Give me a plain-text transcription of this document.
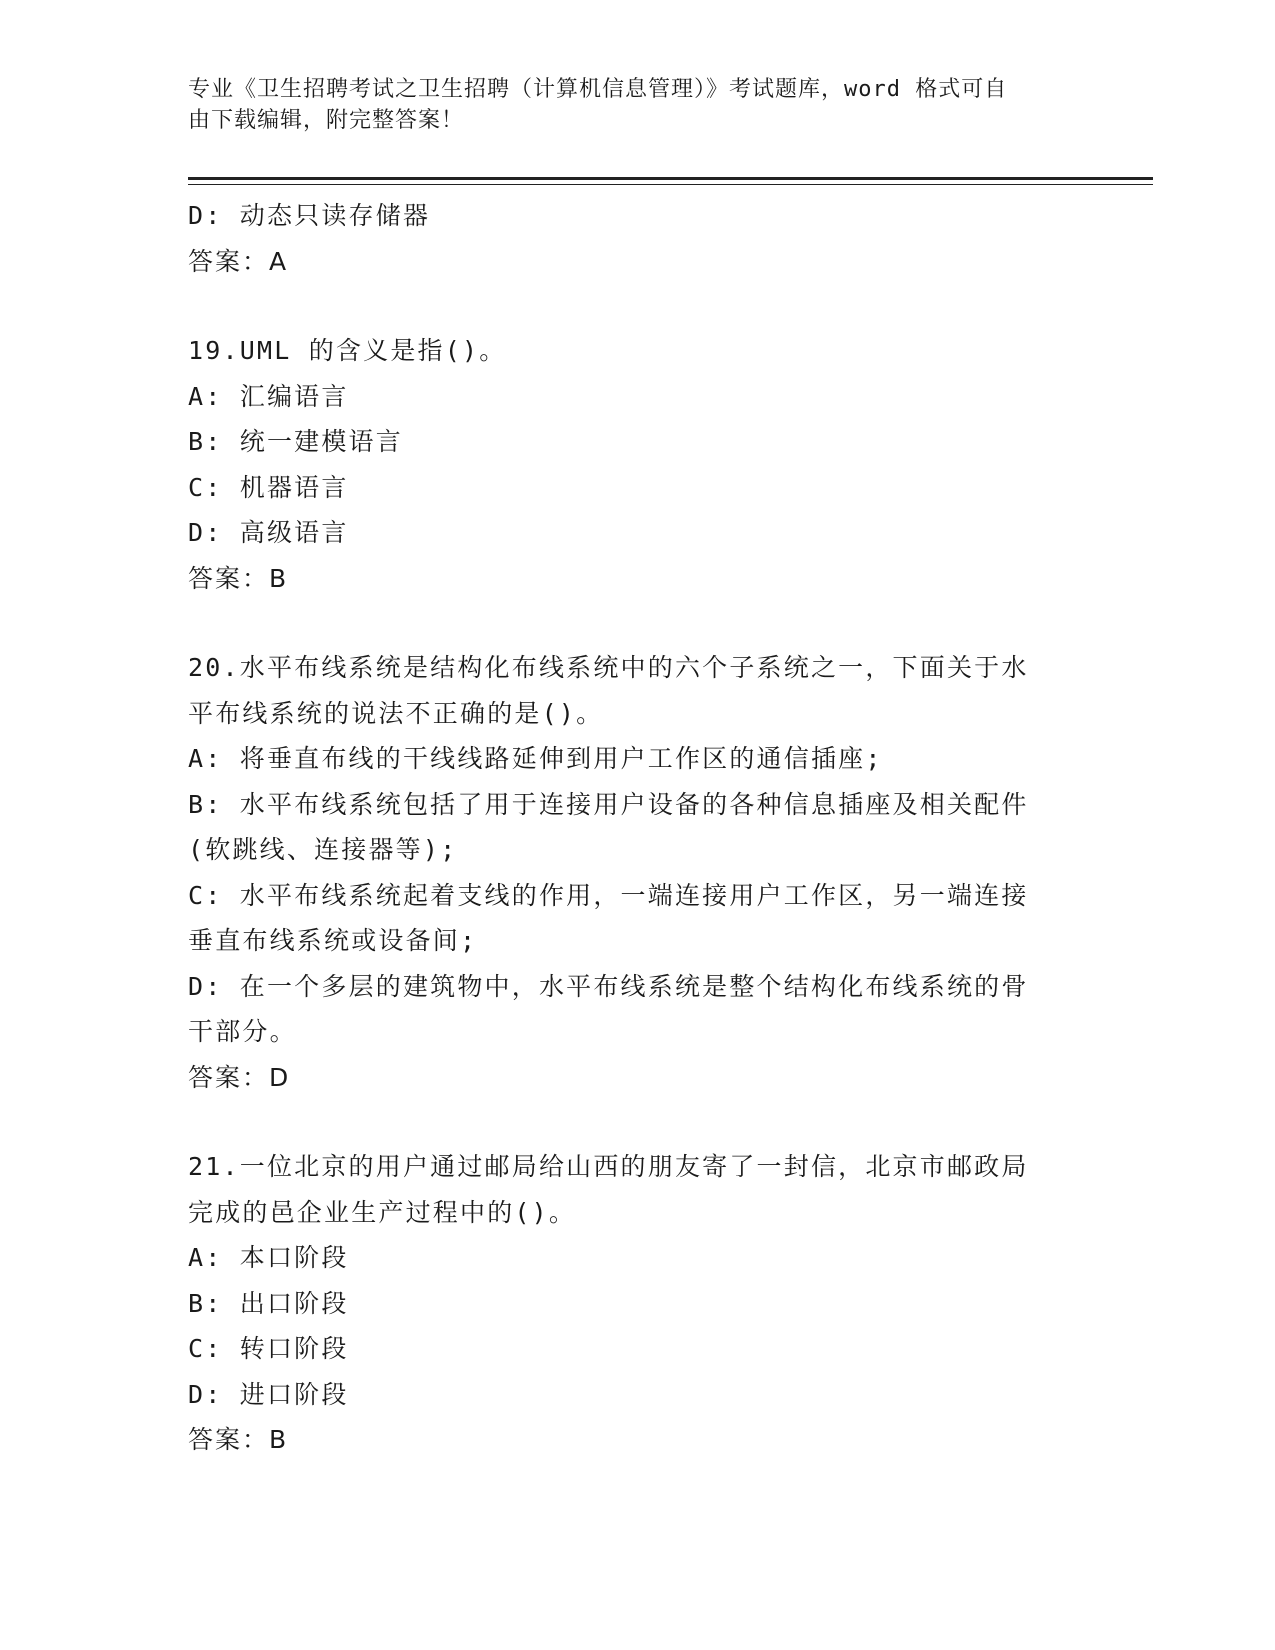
专业《卫生招聘考试之卫生招聘（计算机信息管理）》考试题库，word 格式可自
由下载编辑，附完整答案！
D: 动态只读存储器
答案：A
19.UML 的含义是指()。
A: 汇编语言
B: 统一建模语言
C: 机器语言
D: 高级语言
答案：B
20.水平布线系统是结构化布线系统中的六个子系统之一，下面关于水
平布线系统的说法不正确的是()。
A: 将垂直布线的干线线路延伸到用户工作区的通信插座;
B: 水平布线系统包括了用于连接用户设备的各种信息插座及相关配件
(软跳线、连接器等);
C: 水平布线系统起着支线的作用，一端连接用户工作区，另一端连接
垂直布线系统或设备间;
D: 在一个多层的建筑物中，水平布线系统是整个结构化布线系统的骨
干部分。
答案：D
21.一位北京的用户通过邮局给山西的朋友寄了一封信，北京市邮政局
完成的邑企业生产过程中的()。
A: 本口阶段
B: 出口阶段
C: 转口阶段
D: 进口阶段
答案：B
